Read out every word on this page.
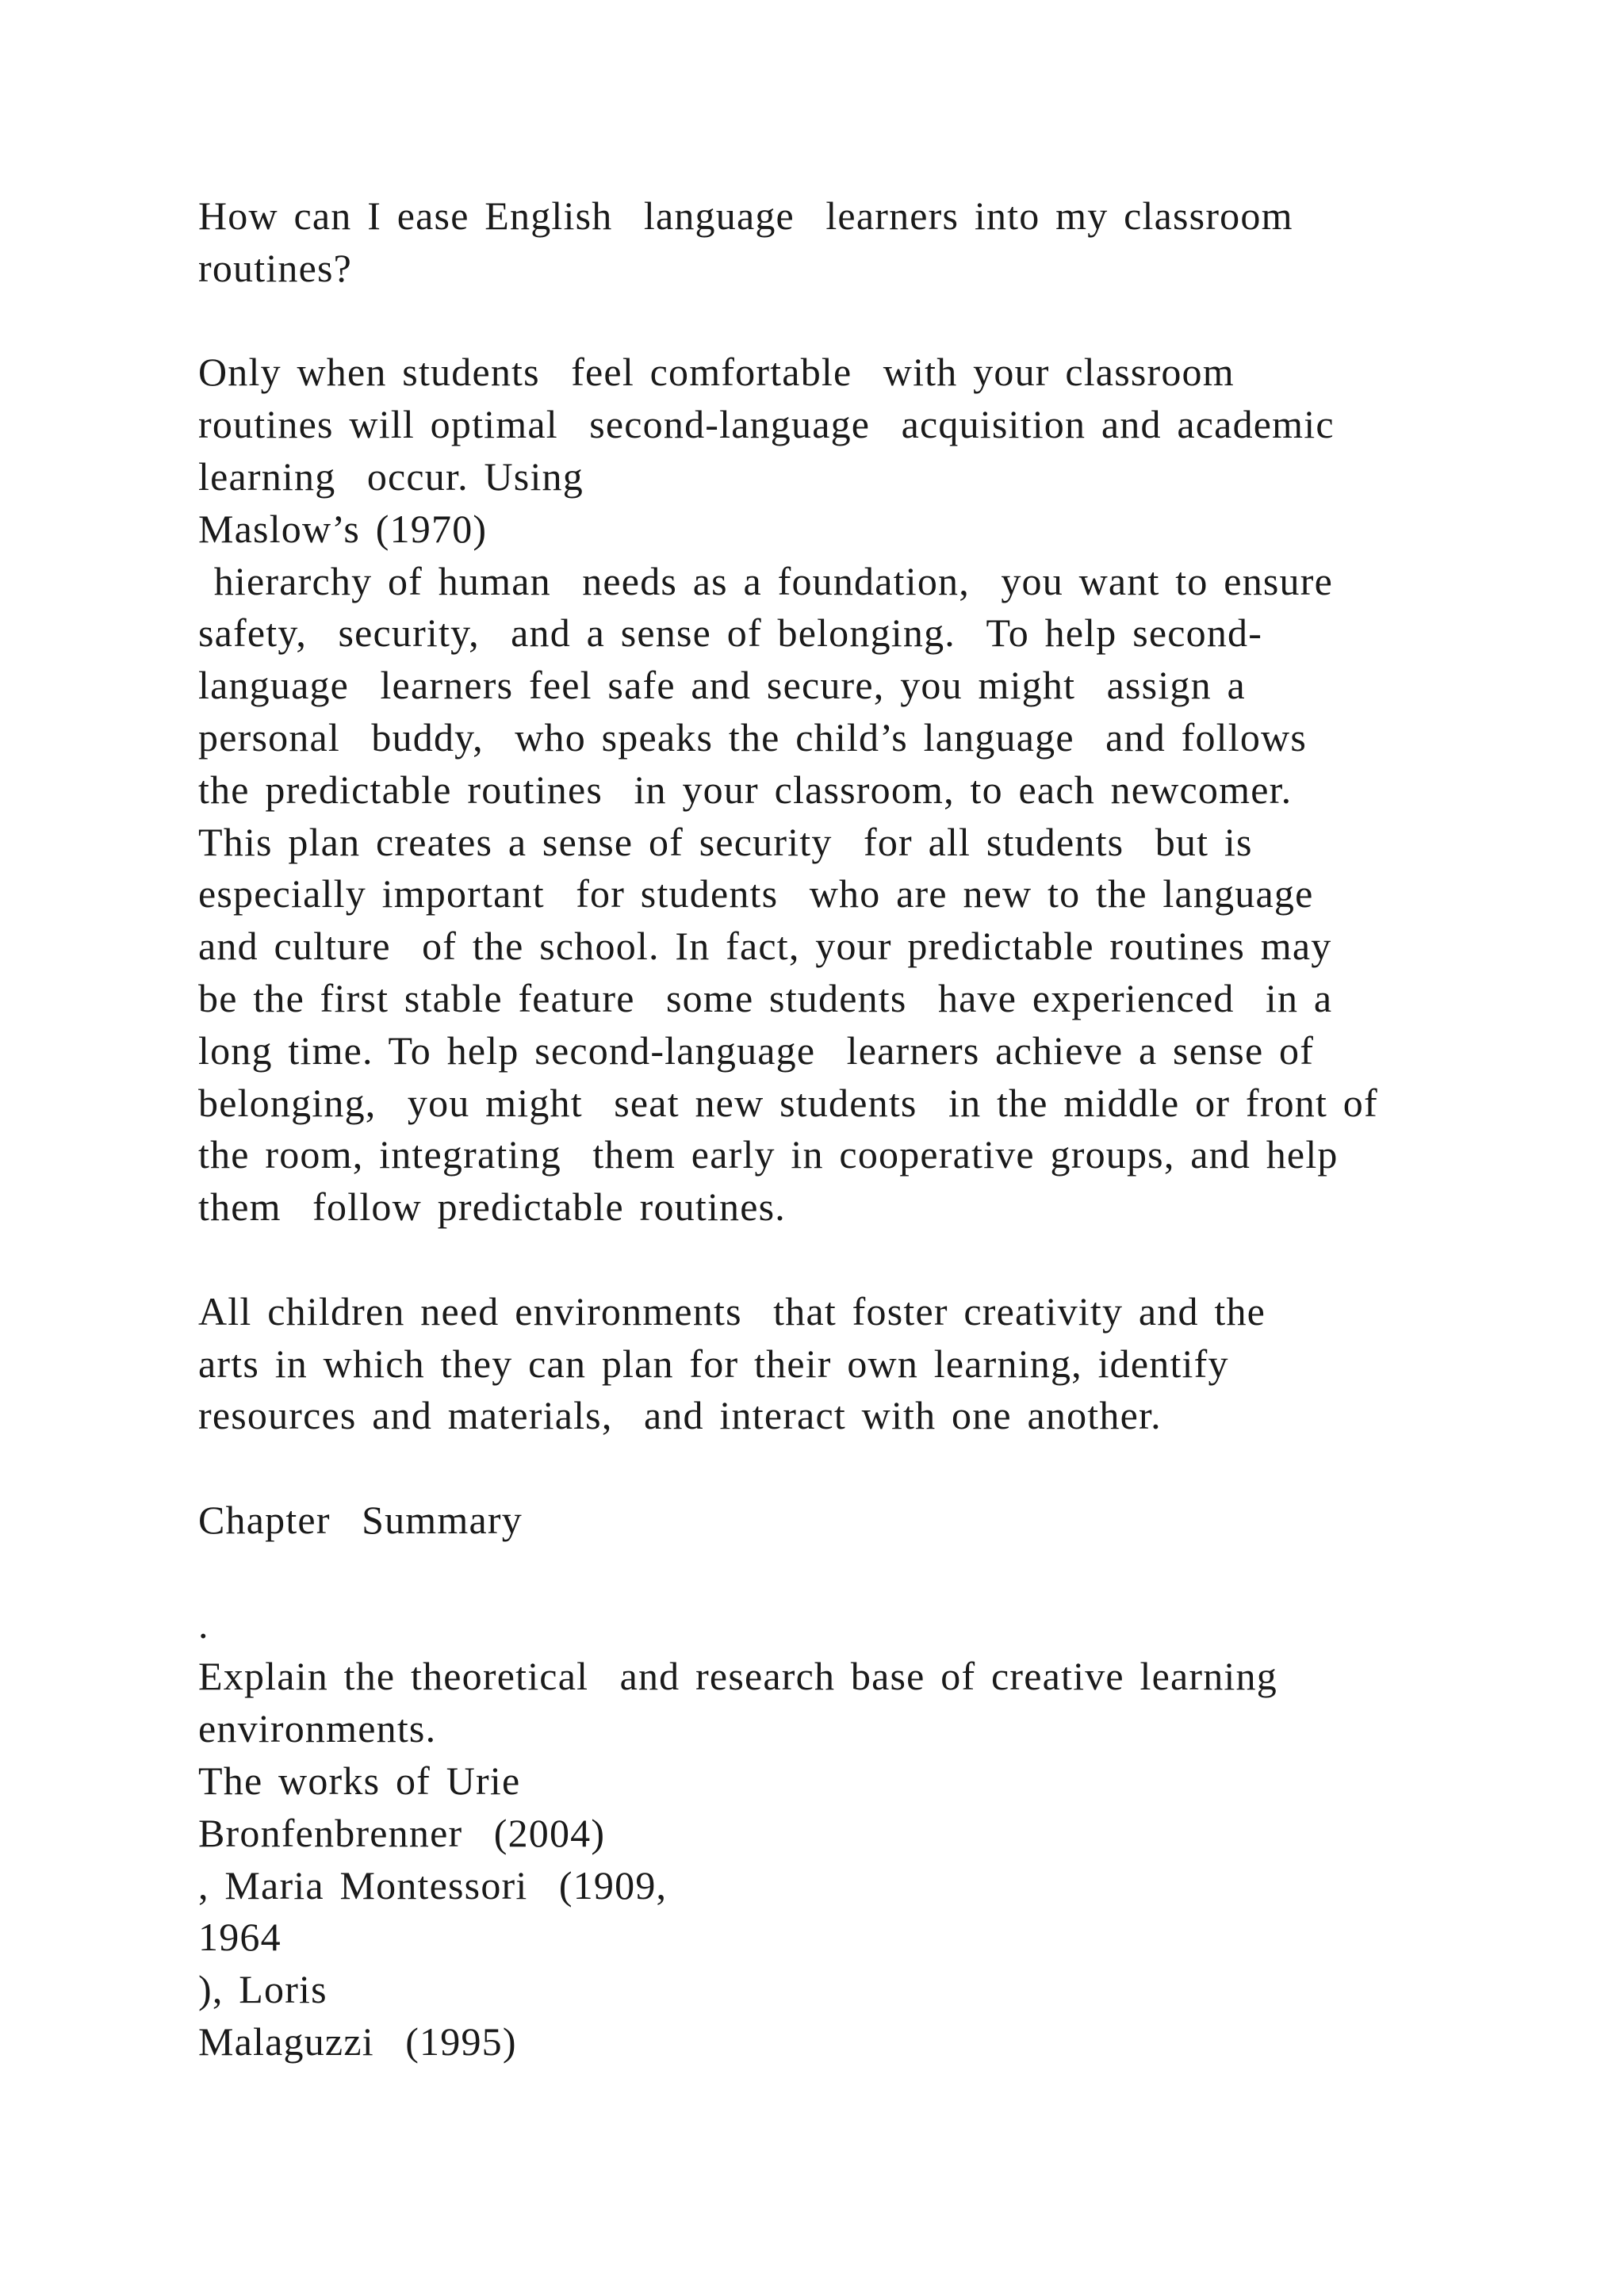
How can I ease English  language  learners into my classroom
routines?
Only when students  feel comfortable  with your classroom
routines will optimal  second-language  acquisition and academic
learning  occur. Using
Maslow’s (1970)
hierarchy of human  needs as a foundation,  you want to ensure
safety,  security,  and a sense of belonging.  To help second-
language  learners feel safe and secure, you might  assign a
personal  buddy,  who speaks the child’s language  and follows
the predictable routines  in your classroom, to each newcomer.
This plan creates a sense of security  for all students  but is
especially important  for students  who are new to the language
and culture  of the school. In fact, your predictable routines may
be the first stable feature  some students  have experienced  in a
long time. To help second-language  learners achieve a sense of
belonging,  you might  seat new students  in the middle or front of
the room, integrating  them early in cooperative groups, and help
them  follow predictable routines.
All children need environments  that foster creativity and the
arts in which they can plan for their own learning, identify
resources and materials,  and interact with one another.
Chapter  Summary
.
Explain the theoretical  and research base of creative learning
environments.
The works of Urie
Bronfenbrenner  (2004)
, Maria Montessori  (1909,
1964
), Loris
Malaguzzi  (1995)
